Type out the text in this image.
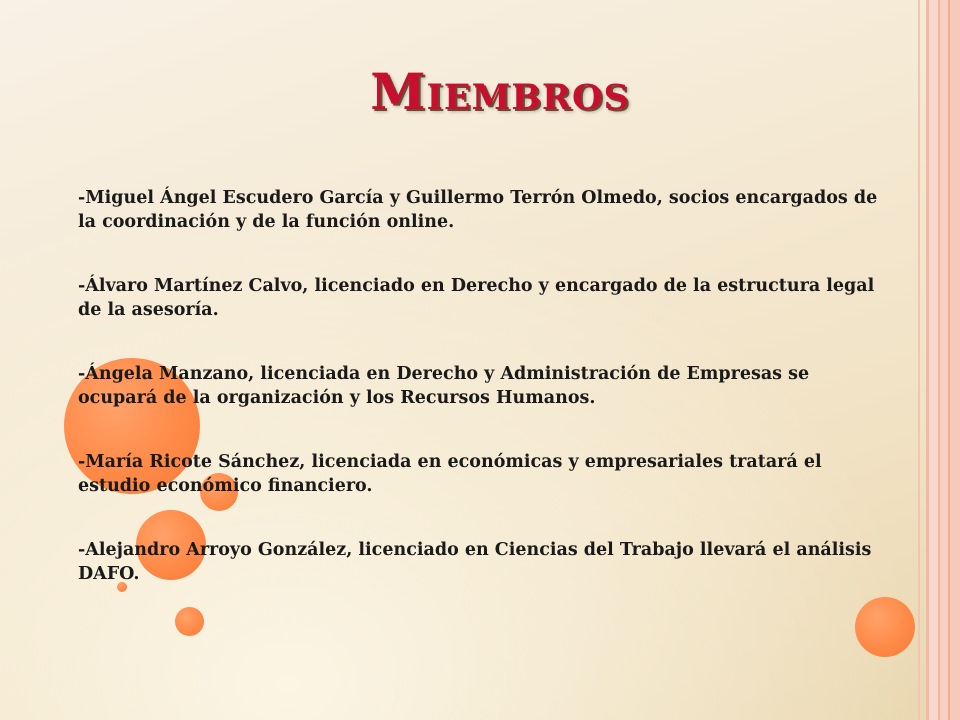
Miembros
-Miguel Ángel Escudero García y Guillermo Terrón Olmedo, socios encargados de la coordinación y de la función online.
-Álvaro Martínez Calvo, licenciado en Derecho y encargado de la estructura legal de la asesoría.
-Ángela Manzano, licenciada en Derecho y Administración de Empresas se ocupará de la organización y los Recursos Humanos.
-María Ricote Sánchez, licenciada en económicas y empresariales tratará el estudio económico financiero.
-Alejandro Arroyo González, licenciado en Ciencias del Trabajo llevará el análisis DAFO.
